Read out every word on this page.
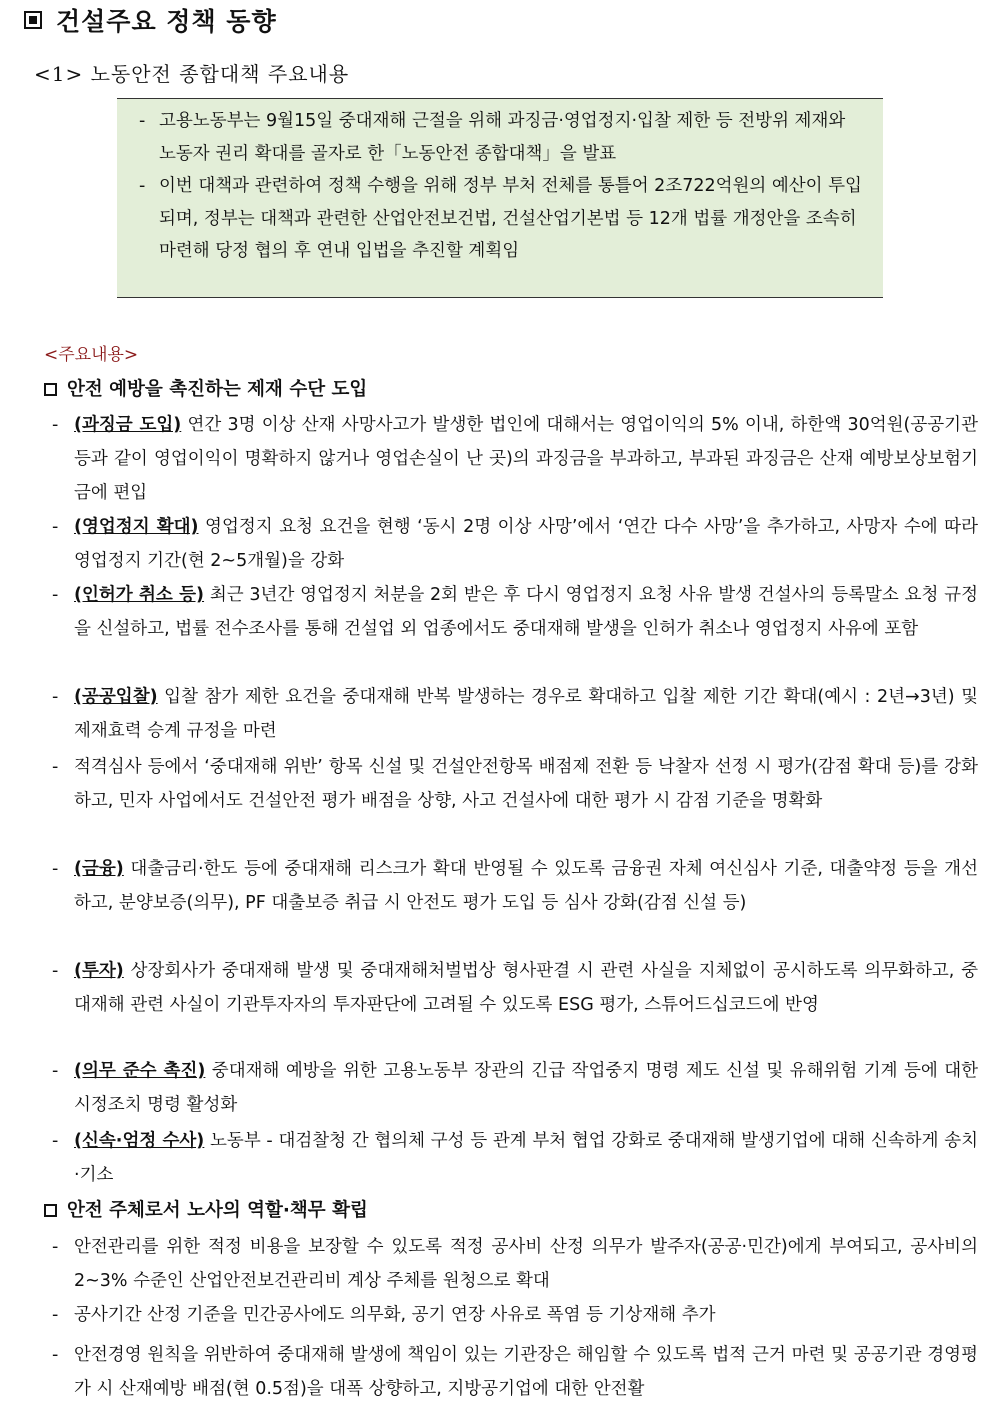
건설주요 정책 동향
<1> 노동안전 종합대책 주요내용
- 고용노동부는 9월15일 중대재해 근절을 위해 과징금·영업정지·입찰 제한 등 전방위 제재와 노동자 권리 확대를 골자로 한「노동안전 종합대책」을 발표
- 이번 대책과 관련하여 정책 수행을 위해 정부 부처 전체를 통틀어 2조722억원의 예산이 투입되며, 정부는 대책과 관련한 산업안전보건법, 건설산업기본법 등 12개 법률 개정안을 조속히 마련해 당정 협의 후 연내 입법을 추진할 계획임
<주요내용>
안전 예방을 촉진하는 제재 수단 도입
- (과징금 도입) 연간 3명 이상 산재 사망사고가 발생한 법인에 대해서는 영업이익의 5% 이내, 하한액 30억원(공공기관 등과 같이 영업이익이 명확하지 않거나 영업손실이 난 곳)의 과징금을 부과하고, 부과된 과징금은 산재 예방보상보험기금에 편입
- (영업정지 확대) 영업정지 요청 요건을 현행 ‘동시 2명 이상 사망’에서 ‘연간 다수 사망’을 추가하고, 사망자 수에 따라 영업정지 기간(현 2~5개월)을 강화
- (인허가 취소 등) 최근 3년간 영업정지 처분을 2회 받은 후 다시 영업정지 요청 사유 발생 건설사의 등록말소 요청 규정을 신설하고, 법률 전수조사를 통해 건설업 외 업종에서도 중대재해 발생을 인허가 취소나 영업정지 사유에 포함
- (공공입찰) 입찰 참가 제한 요건을 중대재해 반복 발생하는 경우로 확대하고 입찰 제한 기간 확대(예시 : 2년→3년) 및 제재효력 승계 규정을 마련
- 적격심사 등에서 ‘중대재해 위반’ 항목 신설 및 건설안전항목 배점제 전환 등 낙찰자 선정 시 평가(감점 확대 등)를 강화하고, 민자 사업에서도 건설안전 평가 배점을 상향, 사고 건설사에 대한 평가 시 감점 기준을 명확화
- (금융) 대출금리·한도 등에 중대재해 리스크가 확대 반영될 수 있도록 금융권 자체 여신심사 기준, 대출약정 등을 개선하고, 분양보증(의무), PF 대출보증 취급 시 안전도 평가 도입 등 심사 강화(감점 신설 등)
- (투자) 상장회사가 중대재해 발생 및 중대재해처벌법상 형사판결 시 관련 사실을 지체없이 공시하도록 의무화하고, 중대재해 관련 사실이 기관투자자의 투자판단에 고려될 수 있도록 ESG 평가, 스튜어드십코드에 반영
- (의무 준수 촉진) 중대재해 예방을 위한 고용노동부 장관의 긴급 작업중지 명령 제도 신설 및 유해위험 기계 등에 대한 시정조치 명령 활성화
- (신속·엄정 수사) 노동부 - 대검찰청 간 협의체 구성 등 관계 부처 협업 강화로 중대재해 발생기업에 대해 신속하게 송치·기소
안전 주체로서 노사의 역할·책무 확립
- 안전관리를 위한 적정 비용을 보장할 수 있도록 적정 공사비 산정 의무가 발주자(공공·민간)에게 부여되고, 공사비의 2~3% 수준인 산업안전보건관리비 계상 주체를 원청으로 확대
- 공사기간 산정 기준을 민간공사에도 의무화, 공기 연장 사유로 폭염 등 기상재해 추가
- 안전경영 원칙을 위반하여 중대재해 발생에 책임이 있는 기관장은 해임할 수 있도록 법적 근거 마련 및 공공기관 경영평가 시 산재예방 배점(현 0.5점)을 대폭 상향하고, 지방공기업에 대한 안전활
